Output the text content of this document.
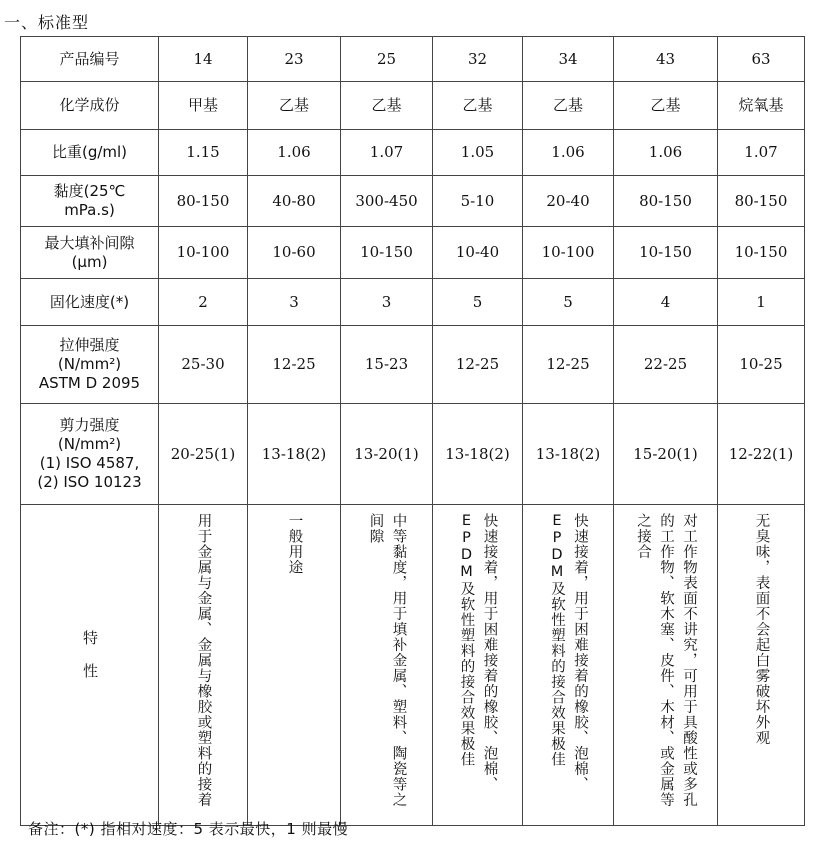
一、标准型
产品编号	14	23	25	32	34	43	63

化学成份	甲基	乙基	乙基	乙基	乙基	乙基	烷氧基

比重(g/ml)	1.15	1.06	1.07	1.05	1.06	1.06	1.07

黏度(25℃
mPa.s)	80-150	40-80	300-450	5-10	20-40	80-150	80-150

最大填补间隙
(μm)	10-100	10-60	10-150	10-40	10-100	10-150	10-150

固化速度(*)	2	3	3	5	5	4	1

拉伸强度
(N/mm²)
ASTM D 2095	25-30	12-25	15-23	12-25	12-25	22-25	10-25

剪力强度
(N/mm²)
(1) ISO 4587,
(2) ISO 10123	20-25(1)	13-18(2)	13-20(1)	13-18(2)	13-18(2)	15-20(1)	12-22(1)
特性	用于金属与金属、金属与橡胶或塑料的接着	一般用途	中等黏度，用于填补金属、塑料、陶瓷等之间隙	快速接着，用于困难接着的橡胶、泡棉、EPDM及软性塑料的接合效果极佳	快速接着，用于困难接着的橡胶、泡棉、EPDM及软性塑料的接合效果极佳	对工作物表面不讲究，可用于具酸性或多孔的工作物、软木塞、皮件、木材、或金属等之接合	无臭味，表面不会起白雾破坏外观
备注：(*) 指相对速度：5 表示最快，1 则最慢
